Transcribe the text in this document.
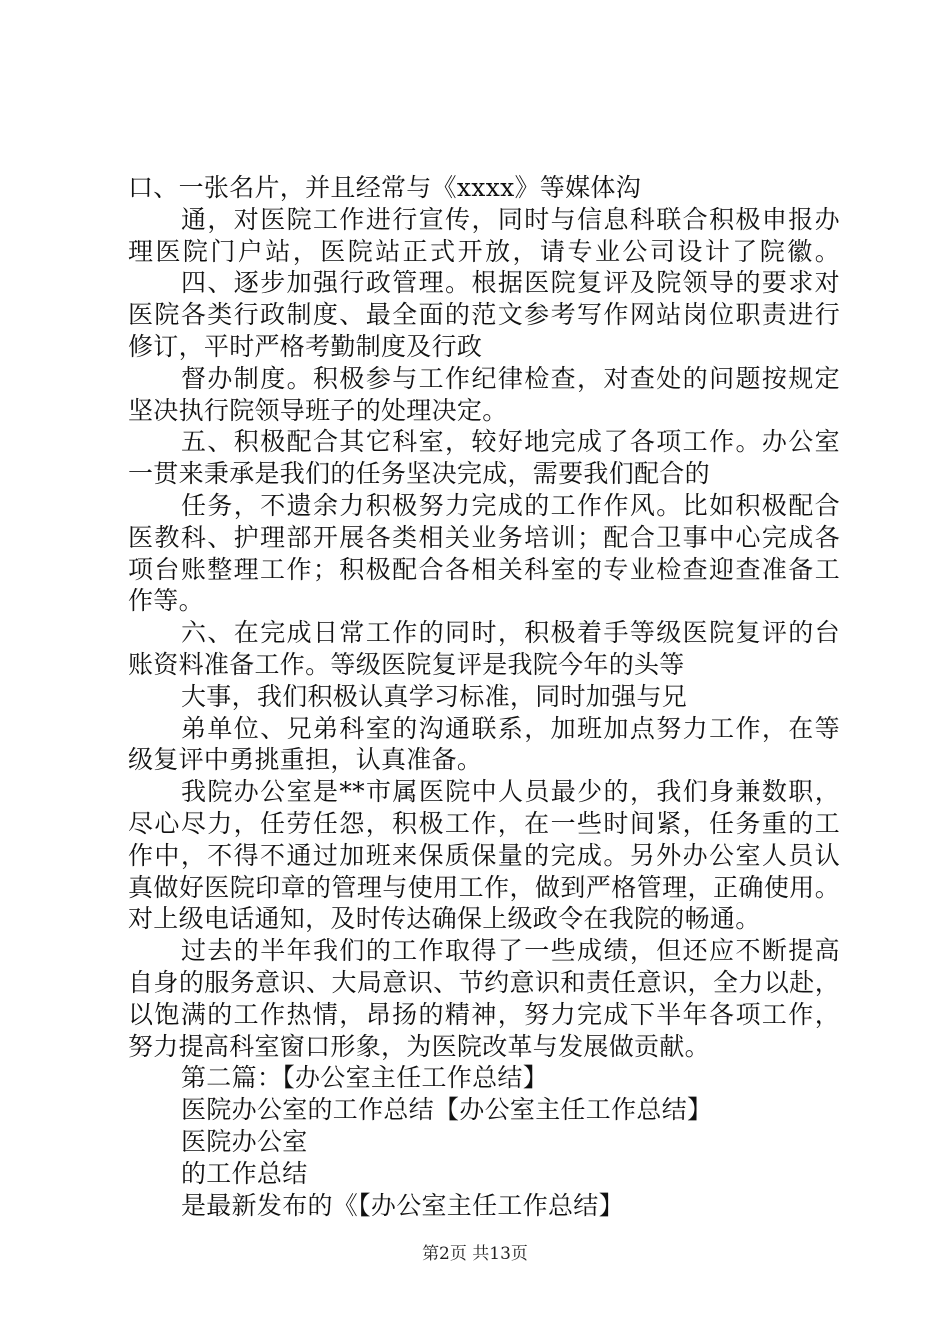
口、一张名片，并且经常与《xxxx》等媒体沟
通，对医院工作进行宣传，同时与信息科联合积极申报办
理医院门户站，医院站正式开放，请专业公司设计了院徽。
四、逐步加强行政管理。根据医院复评及院领导的要求对
医院各类行政制度、最全面的范文参考写作网站岗位职责进行
修订，平时严格考勤制度及行政
督办制度。积极参与工作纪律检查，对查处的问题按规定
坚决执行院领导班子的处理决定。
五、积极配合其它科室，较好地完成了各项工作。办公室
一贯来秉承是我们的任务坚决完成，需要我们配合的
任务，不遗余力积极努力完成的工作作风。比如积极配合
医教科、护理部开展各类相关业务培训；配合卫事中心完成各
项台账整理工作；积极配合各相关科室的专业检查迎查准备工
作等。
六、在完成日常工作的同时，积极着手等级医院复评的台
账资料准备工作。等级医院复评是我院今年的头等
大事，我们积极认真学习标准，同时加强与兄
弟单位、兄弟科室的沟通联系，加班加点努力工作，在等
级复评中勇挑重担，认真准备。
我院办公室是**市属医院中人员最少的，我们身兼数职，
尽心尽力，任劳任怨，积极工作，在一些时间紧，任务重的工
作中，不得不通过加班来保质保量的完成。另外办公室人员认
真做好医院印章的管理与使用工作，做到严格管理，正确使用。
对上级电话通知，及时传达确保上级政令在我院的畅通。
过去的半年我们的工作取得了一些成绩，但还应不断提高
自身的服务意识、大局意识、节约意识和责任意识，全力以赴，
以饱满的工作热情，昂扬的精神，努力完成下半年各项工作，
努力提高科室窗口形象，为医院改革与发展做贡献。
第二篇：【办公室主任工作总结】
医院办公室的工作总结【办公室主任工作总结】
医院办公室
的工作总结
是最新发布的《【办公室主任工作总结】
第2页 共13页
